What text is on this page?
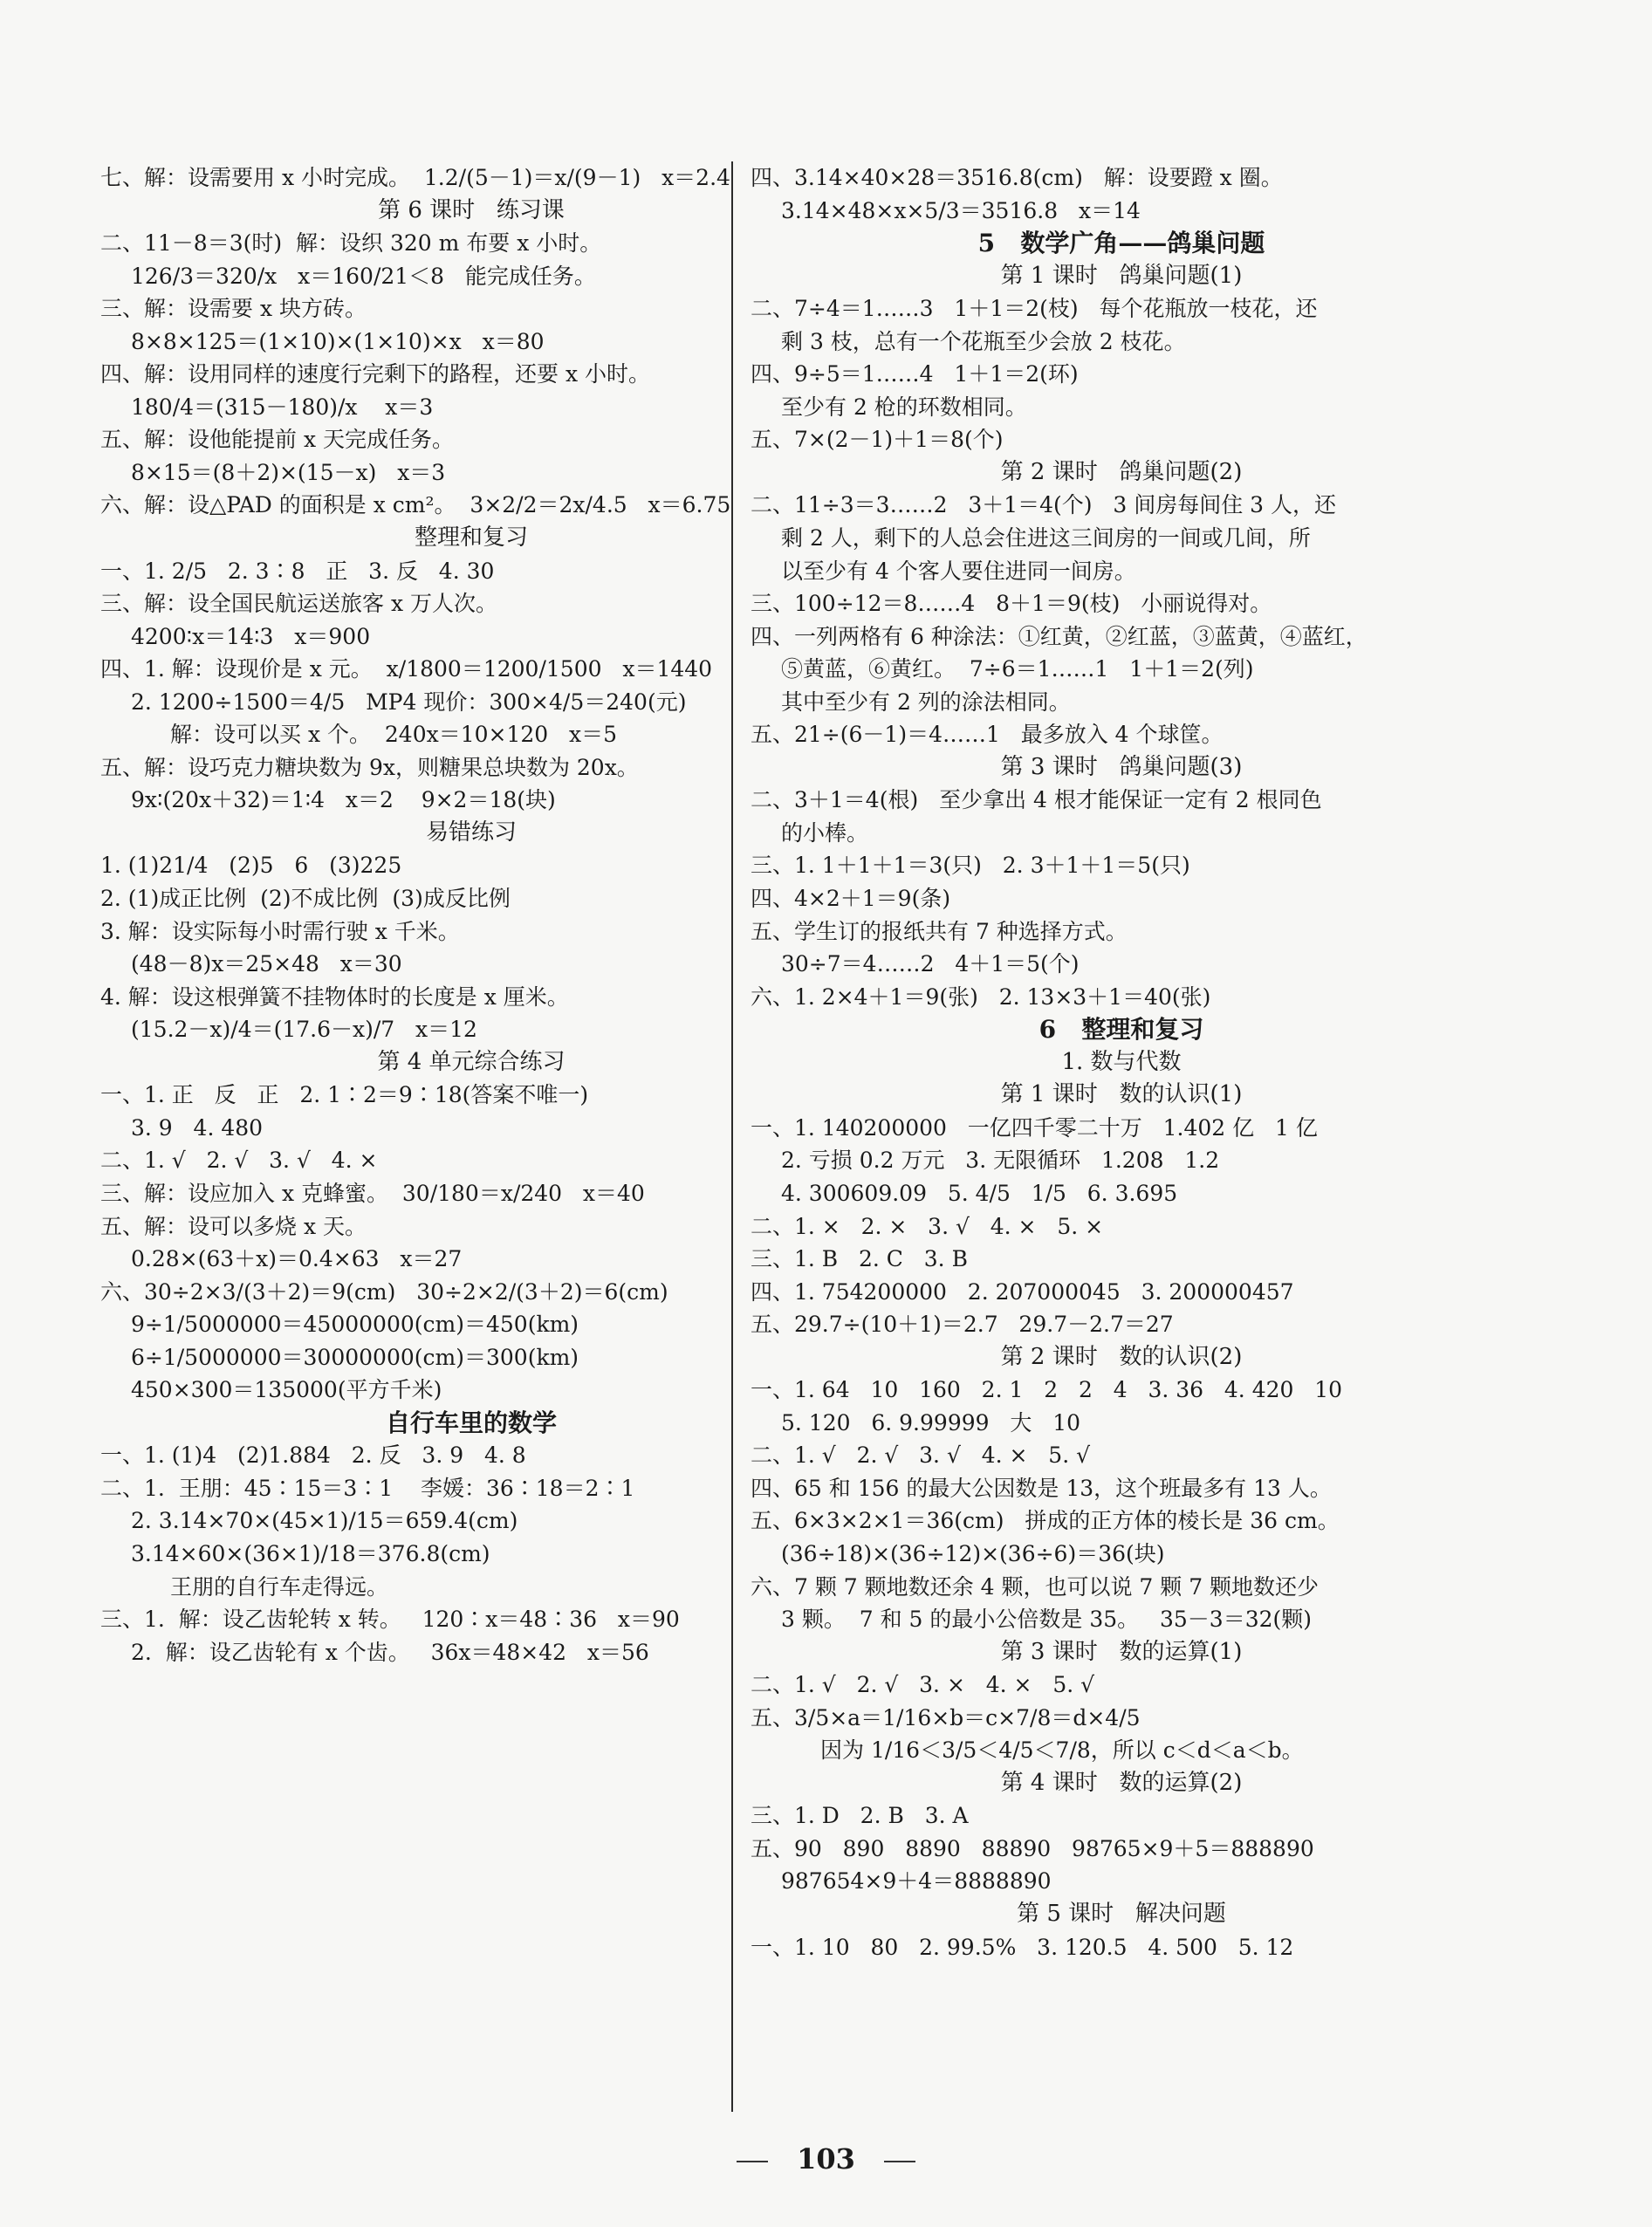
七、解：设需要用 x 小时完成。  1.2/(5－1)＝x/(9－1)   x＝2.4
第 6 课时   练习课
二、11－8＝3(时)  解：设织 320 m 布要 x 小时。
126/3＝320/x   x＝160/21＜8   能完成任务。
三、解：设需要 x 块方砖。
8×8×125＝(1×10)×(1×10)×x   x＝80
四、解：设用同样的速度行完剩下的路程，还要 x 小时。
180/4＝(315－180)/x    x＝3
五、解：设他能提前 x 天完成任务。
8×15＝(8＋2)×(15－x)   x＝3
六、解：设△PAD 的面积是 x cm²。  3×2/2＝2x/4.5   x＝6.75
整理和复习
一、1. 2/5   2. 3∶8   正   3. 反   4. 30
三、解：设全国民航运送旅客 x 万人次。
4200∶x＝14∶3   x＝900
四、1. 解：设现价是 x 元。  x/1800＝1200/1500   x＝1440
2. 1200÷1500＝4/5   MP4 现价：300×4/5＝240(元)
解：设可以买 x 个。  240x＝10×120   x＝5
五、解：设巧克力糖块数为 9x，则糖果总块数为 20x。
9x∶(20x＋32)＝1∶4   x＝2    9×2＝18(块)
易错练习
1. (1)21/4   (2)5   6   (3)225
2. (1)成正比例  (2)不成比例  (3)成反比例
3. 解：设实际每小时需行驶 x 千米。
(48－8)x＝25×48   x＝30
4. 解：设这根弹簧不挂物体时的长度是 x 厘米。
(15.2－x)/4＝(17.6－x)/7   x＝12
第 4 单元综合练习
一、1. 正   反   正   2. 1∶2＝9∶18(答案不唯一)
3. 9   4. 480
二、1. √   2. √   3. √   4. ×
三、解：设应加入 x 克蜂蜜。  30/180＝x/240   x＝40
五、解：设可以多烧 x 天。
0.28×(63＋x)＝0.4×63   x＝27
六、30÷2×3/(3＋2)＝9(cm)   30÷2×2/(3＋2)＝6(cm)
9÷1/5000000＝45000000(cm)＝450(km)
6÷1/5000000＝30000000(cm)＝300(km)
450×300＝135000(平方千米)
自行车里的数学
一、1. (1)4   (2)1.884   2. 反   3. 9   4. 8
二、1.  王朋：45∶15＝3∶1    李媛：36∶18＝2∶1
2. 3.14×70×(45×1)/15＝659.4(cm)
3.14×60×(36×1)/18＝376.8(cm)
王朋的自行车走得远。
三、1.  解：设乙齿轮转 x 转。   120∶x＝48∶36   x＝90
2.  解：设乙齿轮有 x 个齿。   36x＝48×42   x＝56
四、3.14×40×28＝3516.8(cm)   解：设要蹬 x 圈。
3.14×48×x×5/3＝3516.8   x＝14
5   数学广角——鸽巢问题
第 1 课时   鸽巢问题(1)
二、7÷4＝1……3   1＋1＝2(枝)   每个花瓶放一枝花，还
剩 3 枝，总有一个花瓶至少会放 2 枝花。
四、9÷5＝1……4   1＋1＝2(环)
至少有 2 枪的环数相同。
五、7×(2－1)＋1＝8(个)
第 2 课时   鸽巢问题(2)
二、11÷3＝3……2   3＋1＝4(个)   3 间房每间住 3 人，还
剩 2 人，剩下的人总会住进这三间房的一间或几间，所
以至少有 4 个客人要住进同一间房。
三、100÷12＝8……4   8＋1＝9(枝)   小丽说得对。
四、一列两格有 6 种涂法：①红黄，②红蓝，③蓝黄，④蓝红，
⑤黄蓝，⑥黄红。  7÷6＝1……1   1＋1＝2(列)
其中至少有 2 列的涂法相同。
五、21÷(6－1)＝4……1   最多放入 4 个球筐。
第 3 课时   鸽巢问题(3)
二、3＋1＝4(根)   至少拿出 4 根才能保证一定有 2 根同色
的小棒。
三、1. 1＋1＋1＝3(只)   2. 3＋1＋1＝5(只)
四、4×2＋1＝9(条)
五、学生订的报纸共有 7 种选择方式。
30÷7＝4……2   4＋1＝5(个)
六、1. 2×4＋1＝9(张)   2. 13×3＋1＝40(张)
6   整理和复习
1. 数与代数
第 1 课时   数的认识(1)
一、1. 140200000   一亿四千零二十万   1.402 亿   1 亿
2. 亏损 0.2 万元   3. 无限循环   1.208   1.2
4. 300609.09   5. 4/5   1/5   6. 3.695
二、1. ×   2. ×   3. √   4. ×   5. ×
三、1. B   2. C   3. B
四、1. 754200000   2. 207000045   3. 200000457
五、29.7÷(10＋1)＝2.7   29.7－2.7＝27
第 2 课时   数的认识(2)
一、1. 64   10   160   2. 1   2   2   4   3. 36   4. 420   10
5. 120   6. 9.99999   大   10
二、1. √   2. √   3. √   4. ×   5. √
四、65 和 156 的最大公因数是 13，这个班最多有 13 人。
五、6×3×2×1＝36(cm)   拼成的正方体的棱长是 36 cm。
(36÷18)×(36÷12)×(36÷6)＝36(块)
六、7 颗 7 颗地数还余 4 颗，也可以说 7 颗 7 颗地数还少
3 颗。  7 和 5 的最小公倍数是 35。   35－3＝32(颗)
第 3 课时   数的运算(1)
二、1. √   2. √   3. ×   4. ×   5. √
五、3/5×a＝1/16×b＝c×7/8＝d×4/5
因为 1/16＜3/5＜4/5＜7/8，所以 c＜d＜a＜b。
第 4 课时   数的运算(2)
三、1. D   2. B   3. A
五、90   890   8890   88890   98765×9＋5＝888890
987654×9＋4＝8888890
第 5 课时   解决问题
一、1. 10   80   2. 99.5%   3. 120.5   4. 500   5. 12
103
